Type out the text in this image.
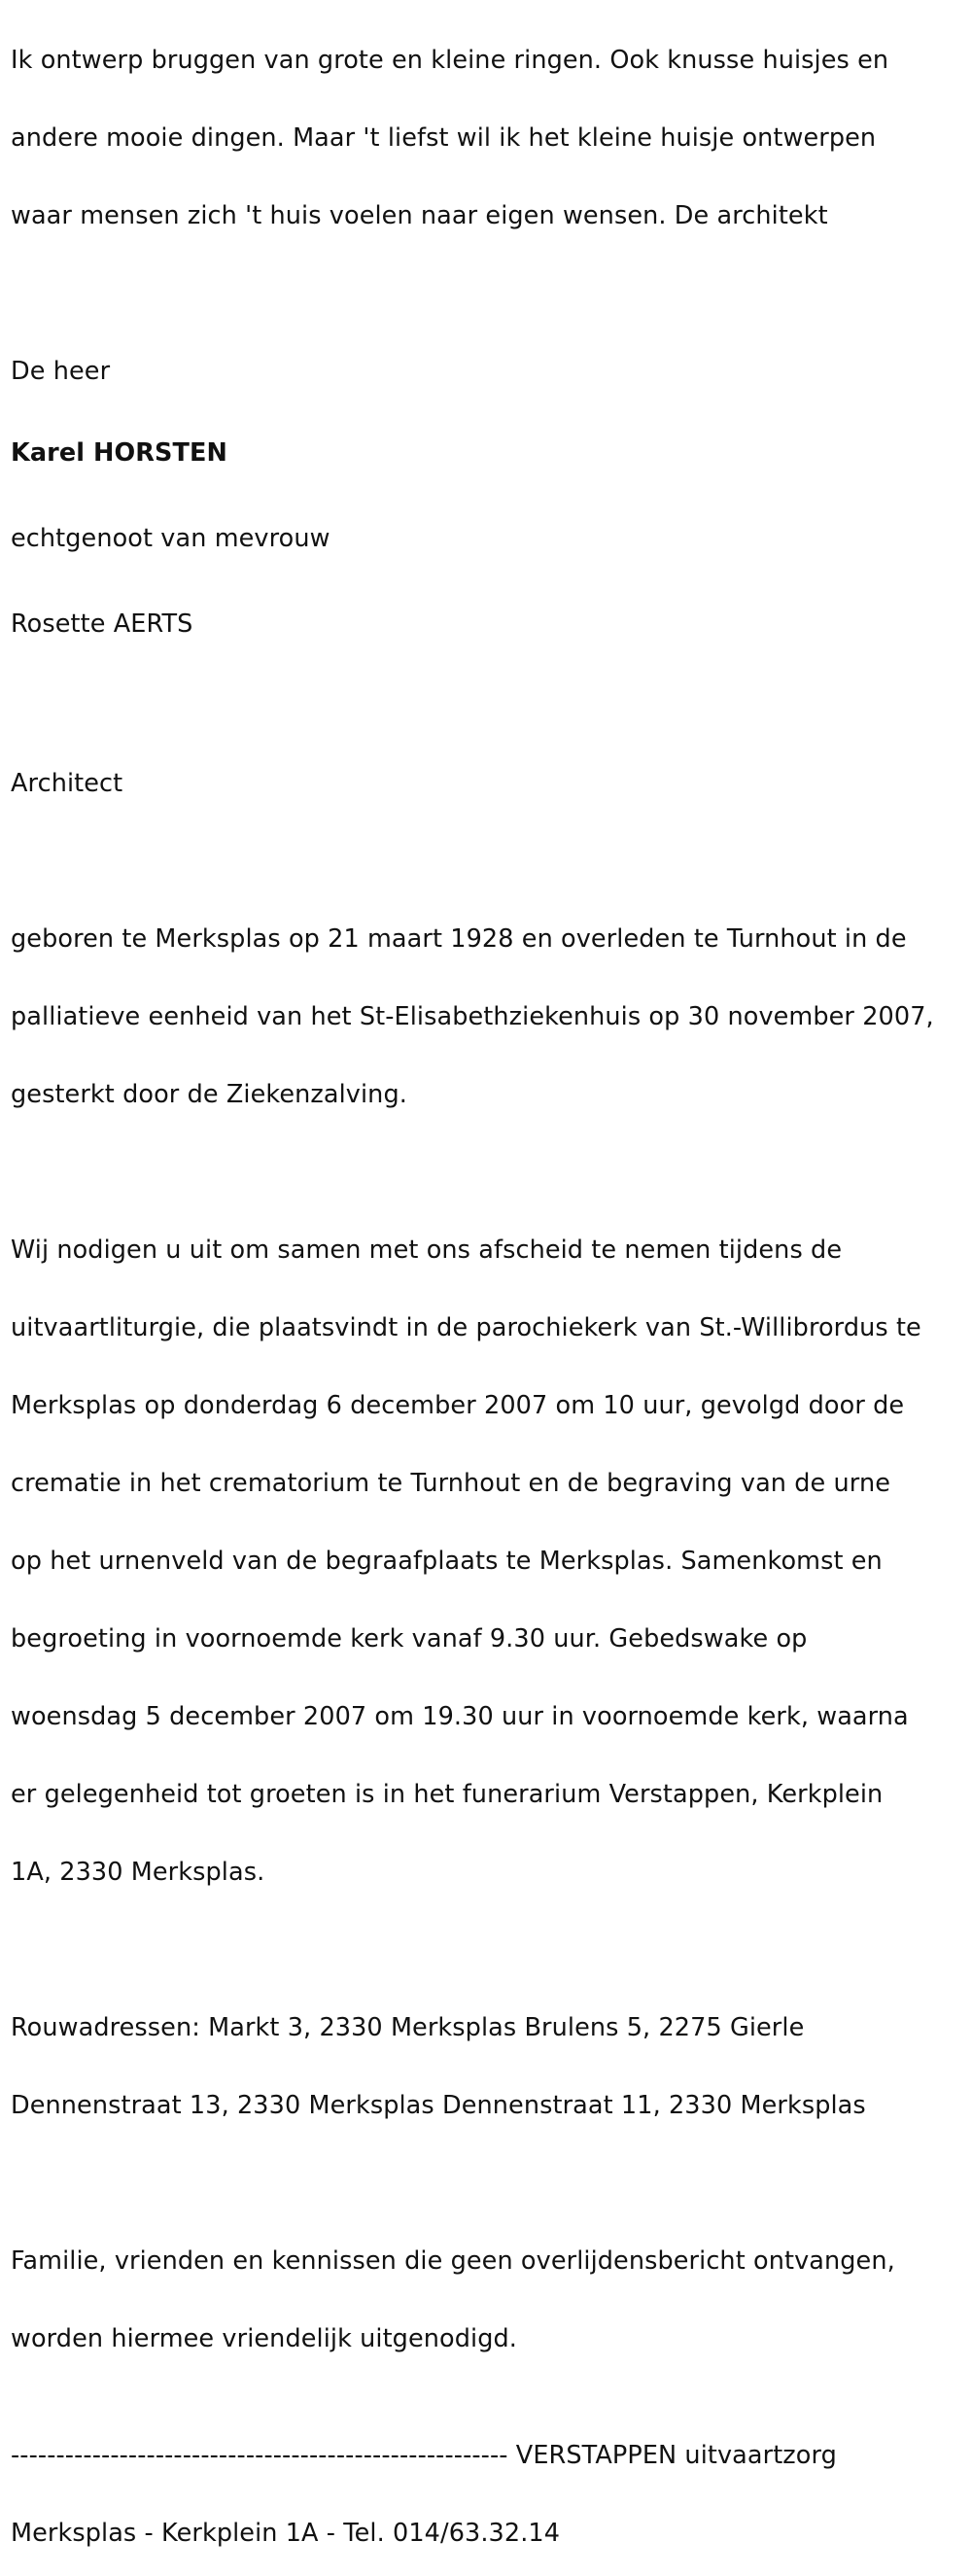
Ik ontwerp bruggen van grote en kleine ringen. Ook knusse huisjes en

andere mooie dingen. Maar 't liefst wil ik het kleine huisje ontwerpen

waar mensen zich 't huis voelen naar eigen wensen. De architekt

De heer

Karel HORSTEN

echtgenoot van mevrouw

Rosette AERTS

Architect

geboren te Merksplas op 21 maart 1928 en overleden te Turnhout in de

palliatieve eenheid van het St-Elisabethziekenhuis op 30 november 2007,

gesterkt door de Ziekenzalving.

Wij nodigen u uit om samen met ons afscheid te nemen tijdens de

uitvaartliturgie, die plaatsvindt in de parochiekerk van St.-Willibrordus te

Merksplas op donderdag 6 december 2007 om 10 uur, gevolgd door de

crematie in het crematorium te Turnhout en de begraving van de urne

op het urnenveld van de begraafplaats te Merksplas. Samenkomst en

begroeting in voornoemde kerk vanaf 9.30 uur. Gebedswake op

woensdag 5 december 2007 om 19.30 uur in voornoemde kerk, waarna

er gelegenheid tot groeten is in het funerarium Verstappen, Kerkplein

1A, 2330 Merksplas.

Rouwadressen: Markt 3, 2330 Merksplas Brulens 5, 2275 Gierle

Dennenstraat 13, 2330 Merksplas Dennenstraat 11, 2330 Merksplas

Familie, vrienden en kennissen die geen overlijdensbericht ontvangen,

worden hiermee vriendelijk uitgenodigd.

------------------------------------------------------- VERSTAPPEN uitvaartzorg

Merksplas - Kerkplein 1A - Tel. 014/63.32.14
